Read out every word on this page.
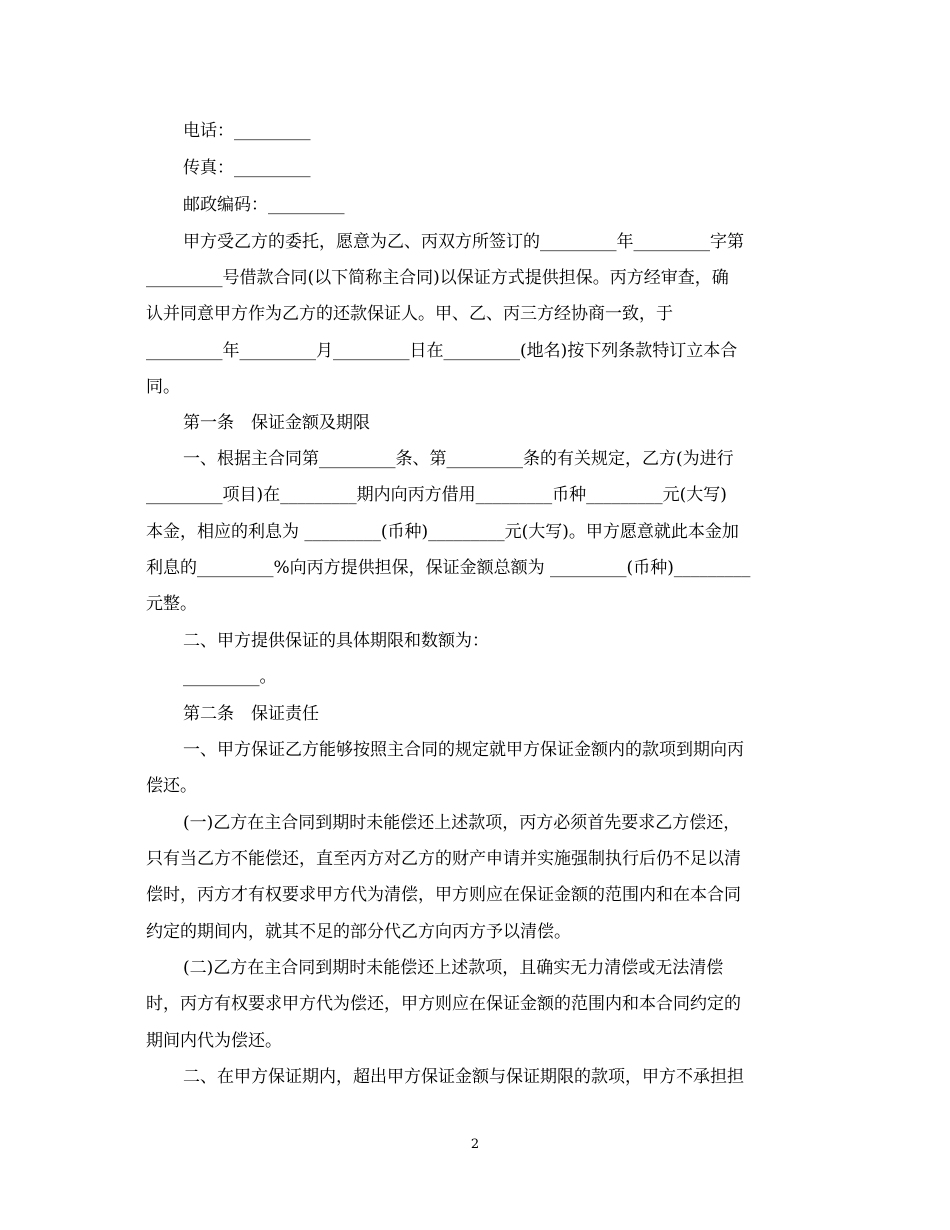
电话：_________
传真：_________
邮政编码：_________
甲方受乙方的委托，愿意为乙、丙双方所签订的_________年_________字第
_________号借款合同(以下简称主合同)以保证方式提供担保。丙方经审查，确
认并同意甲方作为乙方的还款保证人。甲、乙、丙三方经协商一致，于
_________年_________月_________日在_________(地名)按下列条款特订立本合
同。
第一条　保证金额及期限
一、根据主合同第_________条、第_________条的有关规定，乙方(为进行
_________项目)在_________期内向丙方借用_________币种_________元(大写)
本金，相应的利息为 _________(币种)_________元(大写)。甲方愿意就此本金加
利息的_________%向丙方提供担保，保证金额总额为 _________(币种)_________
元整。
二、甲方提供保证的具体期限和数额为：
_________。
第二条　保证责任
一、甲方保证乙方能够按照主合同的规定就甲方保证金额内的款项到期向丙
偿还。
(一)乙方在主合同到期时未能偿还上述款项，丙方必须首先要求乙方偿还，
只有当乙方不能偿还，直至丙方对乙方的财产申请并实施强制执行后仍不足以清
偿时，丙方才有权要求甲方代为清偿，甲方则应在保证金额的范围内和在本合同
约定的期间内，就其不足的部分代乙方向丙方予以清偿。
(二)乙方在主合同到期时未能偿还上述款项，且确实无力清偿或无法清偿
时，丙方有权要求甲方代为偿还，甲方则应在保证金额的范围内和本合同约定的
期间内代为偿还。
二、在甲方保证期内，超出甲方保证金额与保证期限的款项，甲方不承担担
2
